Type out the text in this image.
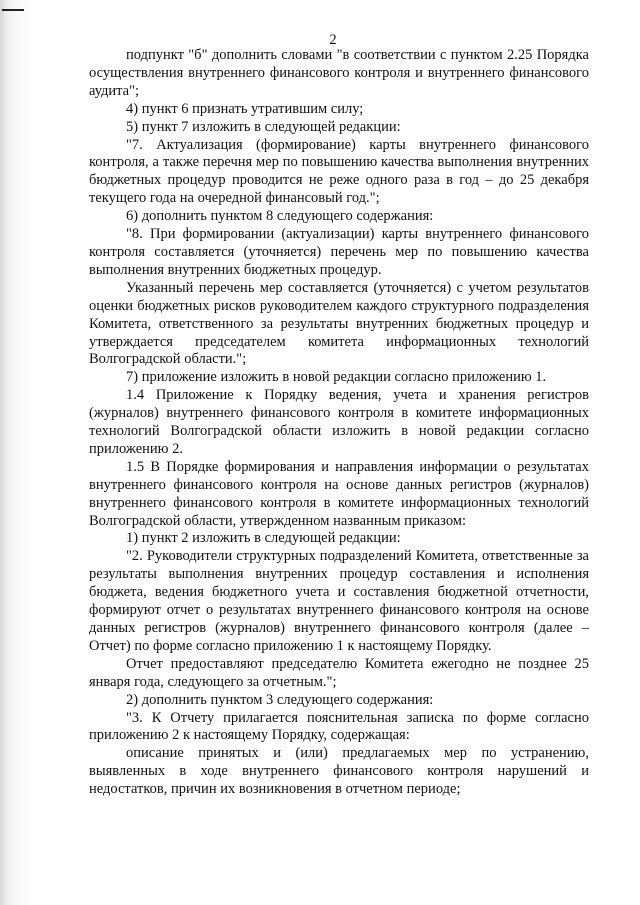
2

подпункт "б" дополнить словами "в соответствии с пунктом 2.25 Порядка осуществления внутреннего финансового контроля и внутреннего финансового аудита";

4) пункт 6 признать утратившим силу;

5) пункт 7 изложить в следующей редакции:

"7. Актуализация (формирование) карты внутреннего финансового контроля, а также перечня мер по повышению качества выполнения внутренних бюджетных процедур проводится не реже одного раза в год – до 25 декабря текущего года на очередной финансовый год.";

6) дополнить пунктом 8 следующего содержания:

"8. При формировании (актуализации) карты внутреннего финансового контроля составляется (уточняется) перечень мер по повышению качества выполнения внутренних бюджетных процедур.

Указанный перечень мер составляется (уточняется) с учетом результатов оценки бюджетных рисков руководителем каждого структурного подразделения Комитета, ответственного за результаты внутренних бюджетных процедур и утверждается председателем комитета информационных технологий Волгоградской области.";

7) приложение изложить в новой редакции согласно приложению 1.

1.4 Приложение к Порядку ведения, учета и хранения регистров (журналов) внутреннего финансового контроля в комитете информационных технологий Волгоградской области изложить в новой редакции согласно приложению 2.

1.5 В Порядке формирования и направления информации о результатах внутреннего финансового контроля на основе данных регистров (журналов) внутреннего финансового контроля в комитете информационных технологий Волгоградской области, утвержденном названным приказом:

1) пункт 2 изложить в следующей редакции:

"2. Руководители структурных подразделений Комитета, ответственные за результаты выполнения внутренних процедур составления и исполнения бюджета, ведения бюджетного учета и составления бюджетной отчетности, формируют отчет о результатах внутреннего финансового контроля на основе данных регистров (журналов) внутреннего финансового контроля (далее – Отчет) по форме согласно приложению 1 к настоящему Порядку.

Отчет предоставляют председателю Комитета ежегодно не позднее 25 января года, следующего за отчетным.";

2) дополнить пунктом 3 следующего содержания:

"3. К Отчету прилагается пояснительная записка по форме согласно приложению 2 к настоящему Порядку, содержащая:

описание принятых и (или) предлагаемых мер по устранению, выявленных в ходе внутреннего финансового контроля нарушений и недостатков, причин их возникновения в отчетном периоде;
